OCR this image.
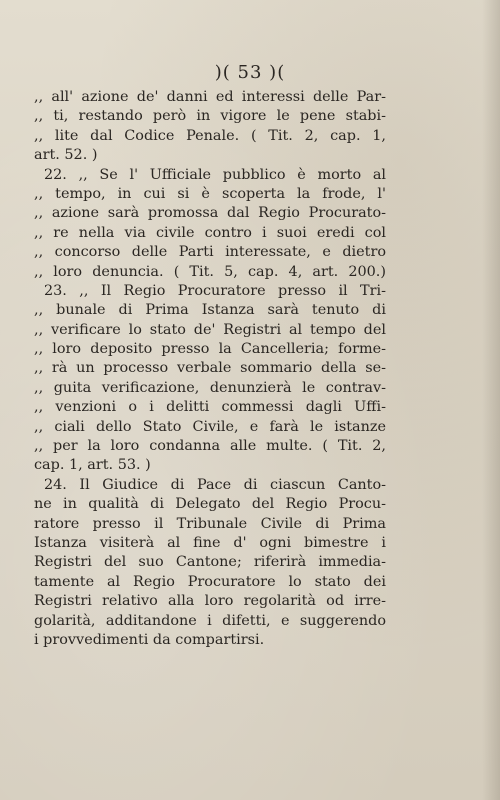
)( 53 )(
,, all' azione de' danni ed interessi delle Par-
,, ti, restando però in vigore le pene stabi-
,, lite dal Codice Penale. ( Tit. 2, cap. 1,
art. 52. )
22. ,, Se l' Ufficiale pubblico è morto al
,, tempo, in cui si è scoperta la frode, l'
,, azione sarà promossa dal Regio Procurato-
,, re nella via civile contro i suoi eredi col
,, concorso delle Parti interessate, e dietro
,, loro denuncia. ( Tit. 5, cap. 4, art. 200.)
23. ,, Il Regio Procuratore presso il Tri-
,, bunale di Prima Istanza sarà tenuto di
,, verificare lo stato de' Registri al tempo del
,, loro deposito presso la Cancelleria; forme-
,, rà un processo verbale sommario della se-
,, guita verificazione, denunzierà le contrav-
,, venzioni o i delitti commessi dagli Uffi-
,, ciali dello Stato Civile, e farà le istanze
,, per la loro condanna alle multe. ( Tit. 2,
cap. 1, art. 53. )
24. Il Giudice di Pace di ciascun Canto-
ne in qualità di Delegato del Regio Procu-
ratore presso il Tribunale Civile di Prima
Istanza visiterà al fine d' ogni bimestre i
Registri del suo Cantone; riferirà immedia-
tamente al Regio Procuratore lo stato dei
Registri relativo alla loro regolarità od irre-
golarità, additandone i difetti, e suggerendo
i provvedimenti da compartirsi.
